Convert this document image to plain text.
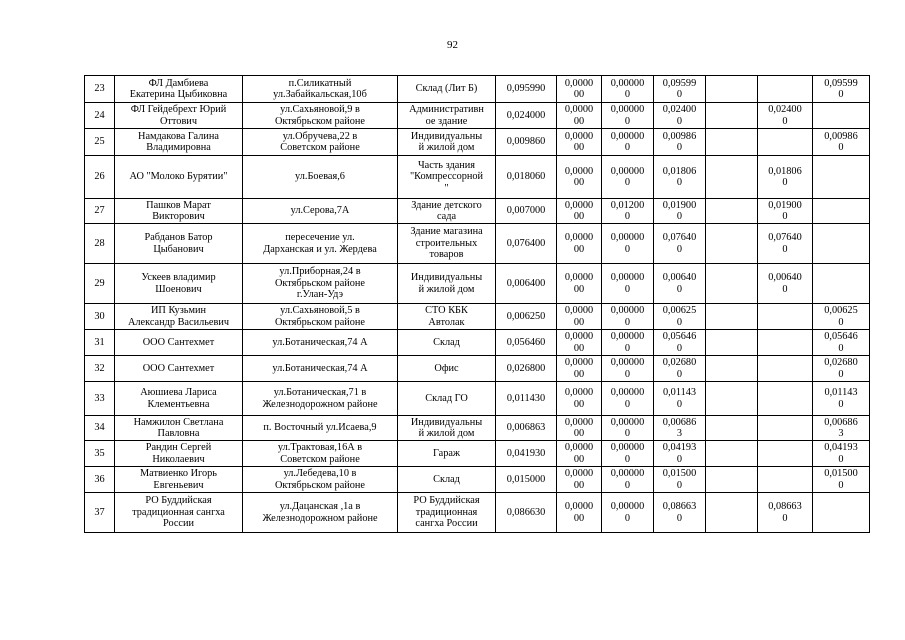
92
23	ФЛ Дамбиева
Екатерина Цыбиковна	п.Силикатный
ул.Забайкальская,10б	Склад (Лит Б)	0,095990	0,0000
00	0,00000
0	0,09599
0			0,09599
0
24	ФЛ Гейдебрехт Юрий
Оттович	ул.Сахьяновой,9 в
Октябрьском районе	Административн
ое здание	0,024000	0,0000
00	0,00000
0	0,02400
0		0,02400
0	
25	Намдакова Галина
Владимировна	ул.Обручева,22 в
Советском районе	Индивидуальны
й жилой дом	0,009860	0,0000
00	0,00000
0	0,00986
0			0,00986
0
26	АО "Молоко Бурятии"	ул.Боевая,6	Часть здания
"Компрессорной
"	0,018060	0,0000
00	0,00000
0	0,01806
0		0,01806
0	
27	Пашков Марат
Викторович	ул.Серова,7А	Здание детского
сада	0,007000	0,0000
00	0,01200
0	0,01900
0		0,01900
0	
28	Рабданов Батор
Цыбанович	пересечение ул.
Дарханская и ул. Жердева	Здание магазина
строительных
товаров	0,076400	0,0000
00	0,00000
0	0,07640
0		0,07640
0	
29	Ускеев владимир
Шоенович	ул.Приборная,24 в
Октябрьском районе
г.Улан-Удэ	Индивидуальны
й жилой дом	0,006400	0,0000
00	0,00000
0	0,00640
0		0,00640
0	
30	ИП Кузьмин
Александр Васильевич	ул.Сахьяновой,5 в
Октябрьском районе	СТО КБК
Автолак	0,006250	0,0000
00	0,00000
0	0,00625
0			0,00625
0
31	ООО Сантехмет	ул.Ботаническая,74 А	Склад	0,056460	0,0000
00	0,00000
0	0,05646
0			0,05646
0
32	ООО Сантехмет	ул.Ботаническая,74 А	Офис	0,026800	0,0000
00	0,00000
0	0,02680
0			0,02680
0
33	Аюшиева Лариса
Клементьевна	ул.Ботаническая,71 в
Железнодорожном районе	Склад ГО	0,011430	0,0000
00	0,00000
0	0,01143
0			0,01143
0
34	Намжилон Светлана
Павловна	п. Восточный ул.Исаева,9	Индивидуальны
й жилой дом	0,006863	0,0000
00	0,00000
0	0,00686
3			0,00686
3
35	Рандин Сергей
Николаевич	ул.Трактовая,16А в
Советском районе	Гараж	0,041930	0,0000
00	0,00000
0	0,04193
0			0,04193
0
36	Матвиенко Игорь
Евгеньевич	ул.Лебедева,10 в
Октябрьском районе	Склад	0,015000	0,0000
00	0,00000
0	0,01500
0			0,01500
0
37	РО Буддийская
традиционная сангха
России	ул.Дацанская ,1а в
Железнодорожном районе	РО Буддийская
традиционная
сангха России	0,086630	0,0000
00	0,00000
0	0,08663
0		0,08663
0	
